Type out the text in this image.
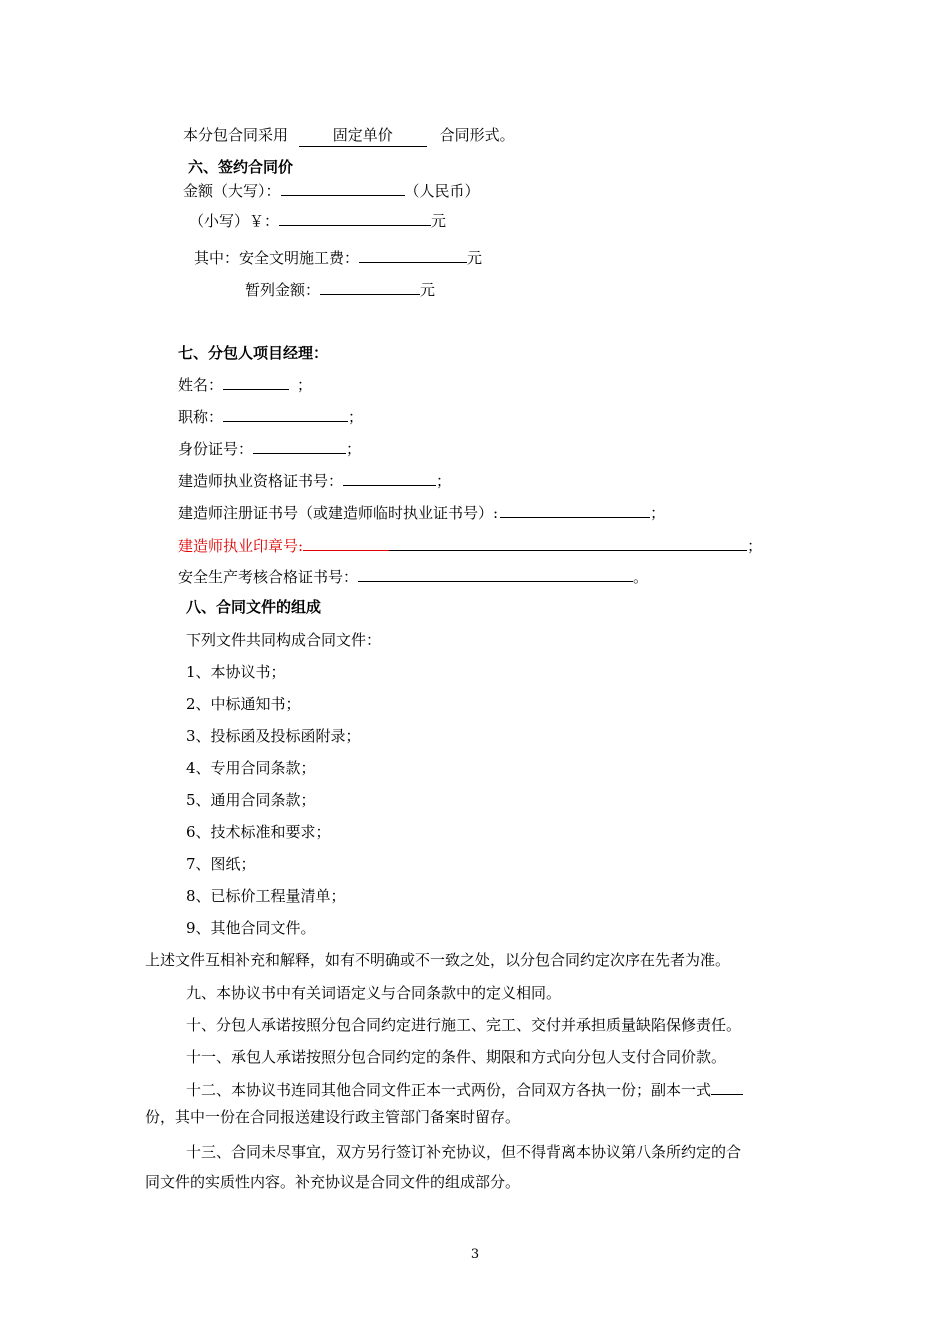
本分包合同采用	固定单价	合同形式。
六、签约合同价
金额（大写）：	（人民币）
（小写）￥：	元
其中：安全文明施工费：	元
暂列金额：	元
七、分包人项目经理：
姓名：	；
职称：	；
身份证号：	；
建造师执业资格证书号：	；
建造师注册证书号（或建造师临时执业证书号）:	；
建造师执业印章号:	；
安全生产考核合格证书号：	。
八、合同文件的组成
下列文件共同构成合同文件：
1、本协议书；
2、中标通知书；
3、投标函及投标函附录；
4、专用合同条款；
5、通用合同条款；
6、技术标准和要求；
7、图纸；
8、已标价工程量清单；
9、其他合同文件。
上述文件互相补充和解释，如有不明确或不一致之处，以分包合同约定次序在先者为准。
九、本协议书中有关词语定义与合同条款中的定义相同。
十、分包人承诺按照分包合同约定进行施工、完工、交付并承担质量缺陷保修责任。
十一、承包人承诺按照分包合同约定的条件、期限和方式向分包人支付合同价款。
十二、本协议书连同其他合同文件正本一式两份，合同双方各执一份；副本一式
份，其中一份在合同报送建设行政主管部门备案时留存。
十三、合同未尽事宜，双方另行签订补充协议，但不得背离本协议第八条所约定的合
同文件的实质性内容。补充协议是合同文件的组成部分。
3
